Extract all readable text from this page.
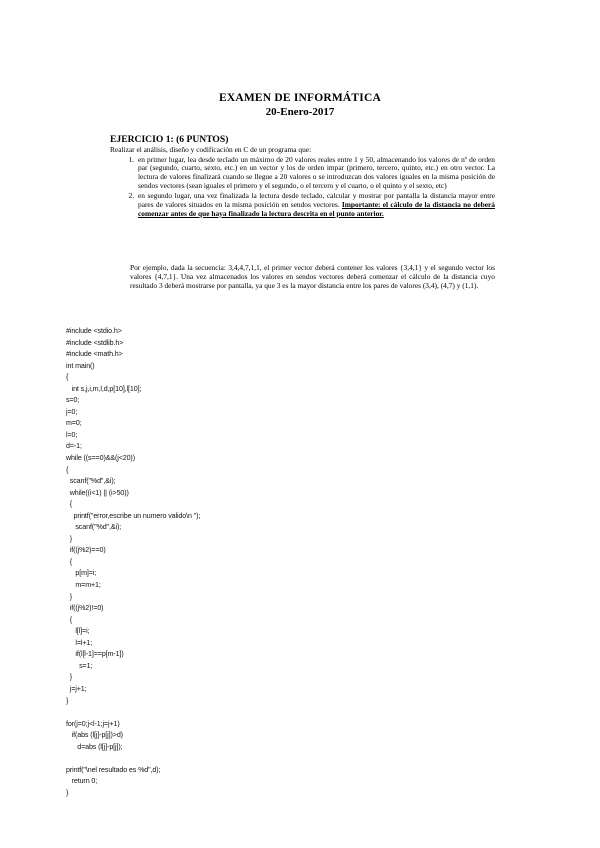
EXAMEN DE INFORMÁTICA
20-Enero-2017
EJERCICIO 1: (6 PUNTOS)
Realizar el análisis, diseño y codificación en C de un programa que:
1. en primer lugar, lea desde teclado un máximo de 20 valores reales entre 1 y 50, almacenando los valores de nº de orden par (segundo, cuarto, sexto, etc.) en un vector y los de orden impar (primero, tercero, quinto, etc.) en otro vector. La lectura de valores finalizará cuando se llegue a 20 valores o se introduzcan dos valores iguales en la misma posición de sendos vectores (sean iguales el primero y el segundo, o el tercero y el cuarto, o el quinto y el sexto, etc)
2. en segundo lugar, una vez finalizada la lectura desde teclado, calcular y mostrar por pantalla la distancia mayor entre pares de valores situados en la misma posición en sendos vectores. Importante: el cálculo de la distancia no deberá comenzar antes de que haya finalizado la lectura descrita en el punto anterior.
Por ejemplo, dada la secuencia: 3,4,4,7,1,1, el primer vector deberá contener los valores {3,4,1} y el segundo vector los valores {4,7,1}. Una vez almacenados los valores en sendos vectores deberá comenzar el cálculo de la distancia cuyo resultado 3 deberá mostrarse por pantalla, ya que 3 es la mayor distancia entre los pares de valores (3,4), (4,7) y (1,1).
#include <stdio.h>
#include <stdlib.h>
#include <math.h>
int main()
{
int s,j,i,m,l,d,p[10],l[10];
s=0;
j=0;
m=0;
l=0;
d=-1;
while ((s==0)&&(j<20))
{
scanf("%d",&i);
while((i<1) || (i>50))
{
printf("error,escribe un numero valido\n ");
scanf("%d",&i);
}
if((j%2)==0)
{
p[m]=i;
m=m+1;
}
if((j%2)!=0)
{
l[l]=i;
l=l+1;
if(l[l-1]==p[m-1])
s=1;
}
j=j+1;
}

for(j=0;j<l-1;j=j+1)
if(abs (l[j]-p[j])>d)
d=abs (l[j]-p[j]);

printf("\nel resultado es %d",d);
return 0;
}
